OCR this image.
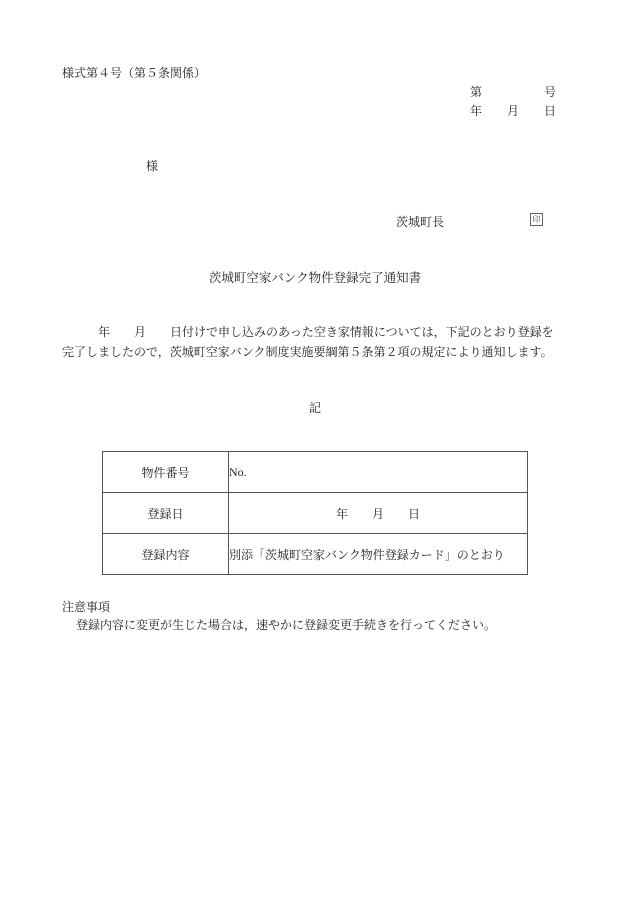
様式第４号（第５条関係）
第	号
年 月 日
様
茨城町長	印
茨城町空家バンク物件登録完了通知書
年 月 日付けで申し込みのあった空き家情報については，下記のとおり登録を
完了しましたので，茨城町空家バンク制度実施要綱第５条第２項の規定により通知します。
記
物件番号	No.
登録日	年 月 日
登録内容	別添「茨城町空家バンク物件登録カード」のとおり
注意事項
登録内容に変更が生じた場合は，速やかに登録変更手続きを行ってください。
